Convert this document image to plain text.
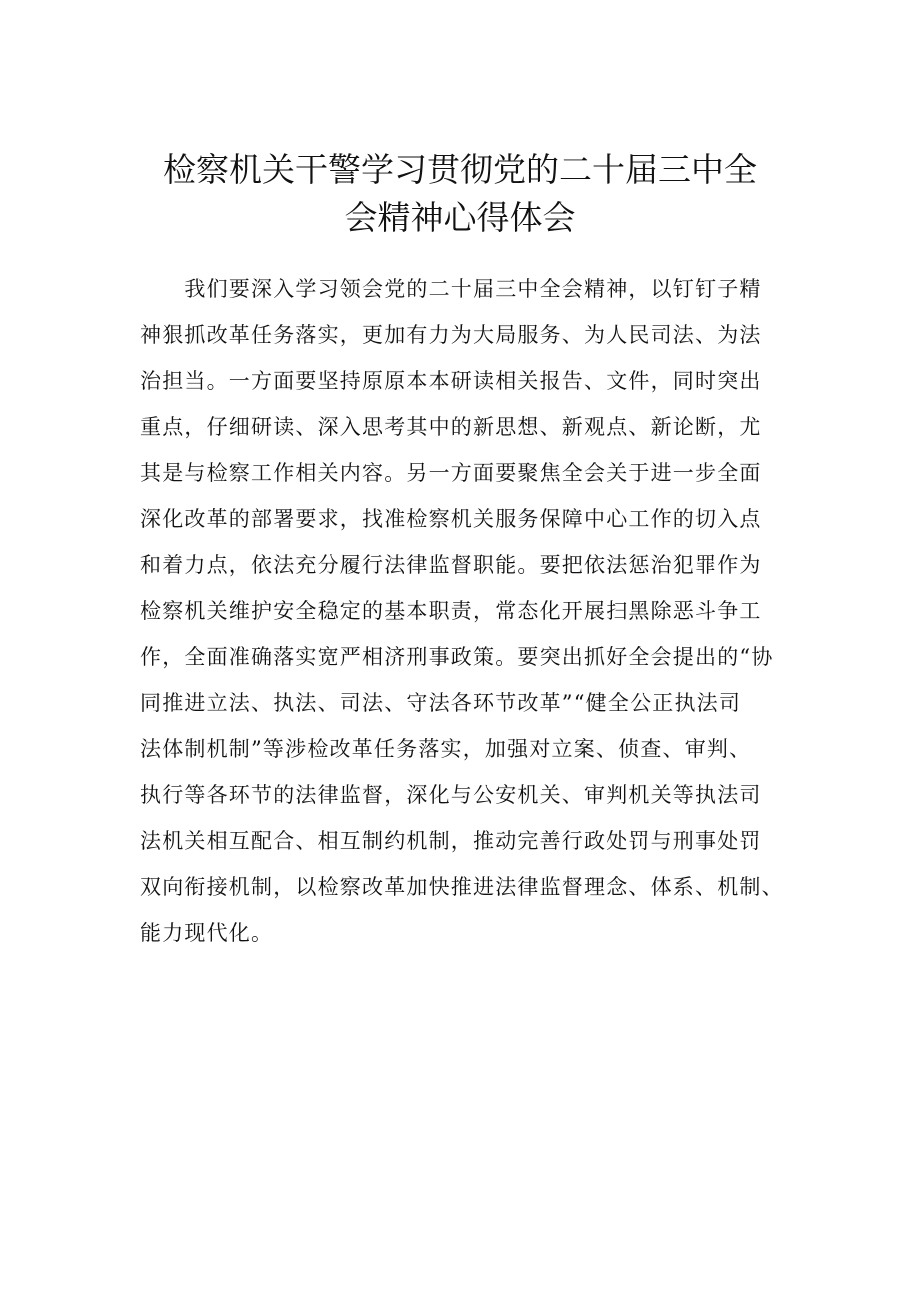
检察机关干警学习贯彻党的二十届三中全
会精神心得体会
　　我们要深入学习领会党的二十届三中全会精神，以钉钉子精
神狠抓改革任务落实，更加有力为大局服务、为人民司法、为法
治担当。一方面要坚持原原本本研读相关报告、文件，同时突出
重点，仔细研读、深入思考其中的新思想、新观点、新论断，尤
其是与检察工作相关内容。另一方面要聚焦全会关于进一步全面
深化改革的部署要求，找准检察机关服务保障中心工作的切入点
和着力点，依法充分履行法律监督职能。要把依法惩治犯罪作为
检察机关维护安全稳定的基本职责，常态化开展扫黑除恶斗争工
作，全面准确落实宽严相济刑事政策。要突出抓好全会提出的“协
同推进立法、执法、司法、守法各环节改革”“健全公正执法司
法体制机制”等涉检改革任务落实，加强对立案、侦查、审判、
执行等各环节的法律监督，深化与公安机关、审判机关等执法司
法机关相互配合、相互制约机制，推动完善行政处罚与刑事处罚
双向衔接机制，以检察改革加快推进法律监督理念、体系、机制、
能力现代化。
